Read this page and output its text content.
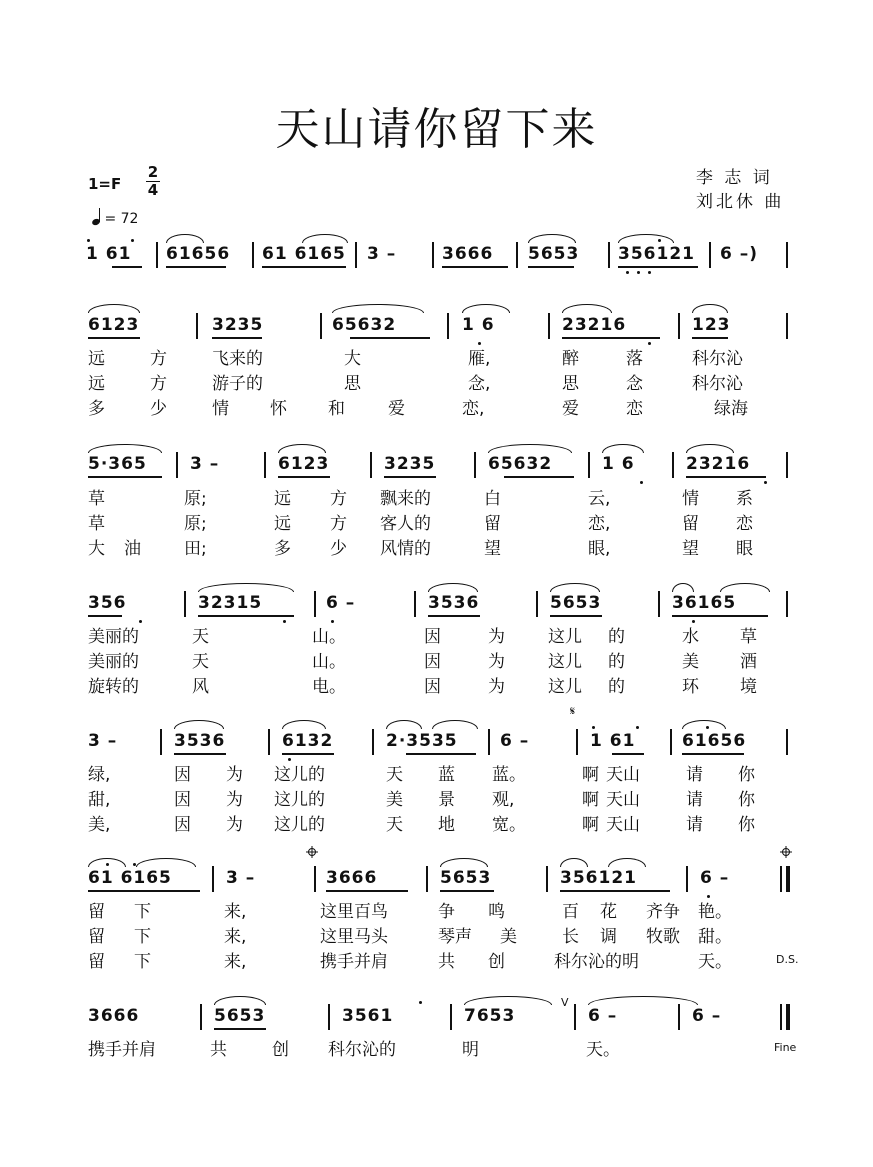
天山请你留下来
李 志 词
刘北休 曲
1=F
2
4
= 72
1 61 61656 61 6165 3 –	3666 5653 356121 6 –)
6123	3235	65632	1 6	23216	123
远	方	飞来的	大	雁,	醉	落	科尔沁
远	方	游子的	思	念,	思	念	科尔沁
多	少	情 怀 和	爱	恋,	爱	恋	绿海
5·365	3 –	6123	3235	65632	1 6	23216
草	原;	远 方 飘来的	白	云,	情 系
草	原;	远 方 客人的	留	恋,	留 恋
大 油	田;	多 少 风情的	望	眼,	望 眼
356	32315	6 –	3536	5653	36165
美丽的	天	山。	因	为	这儿 的	水 草
美丽的	天	山。	因	为	这儿 的	美 酒
旋转的	风	电。	因	为	这儿 的	环 境
3 –	3536	6132	2·3535 6 –	1 61	61656
𝄋
绿,	因 为 这儿的	天 蓝 蓝。	啊 天山	请 你
甜,	因 为 这儿的	美 景 观,	啊 天山	请 你
美,	因 为 这儿的	天 地 宽。	啊 天山	请 你
61 6165	3 –	3666	5653	356121	6 –
留 下	来,	这里百鸟	争 鸣	百 花 齐争 艳。
留 下	来,	这里马头	琴声 美	长 调 牧歌 甜。
留 下	来,	携手并肩	共 创	科尔沁的明	天。	D.S.
3666	5653	3561	7653	6 –	6 –
V
携手并肩	共	创 科尔沁的	明	天。	Fine
